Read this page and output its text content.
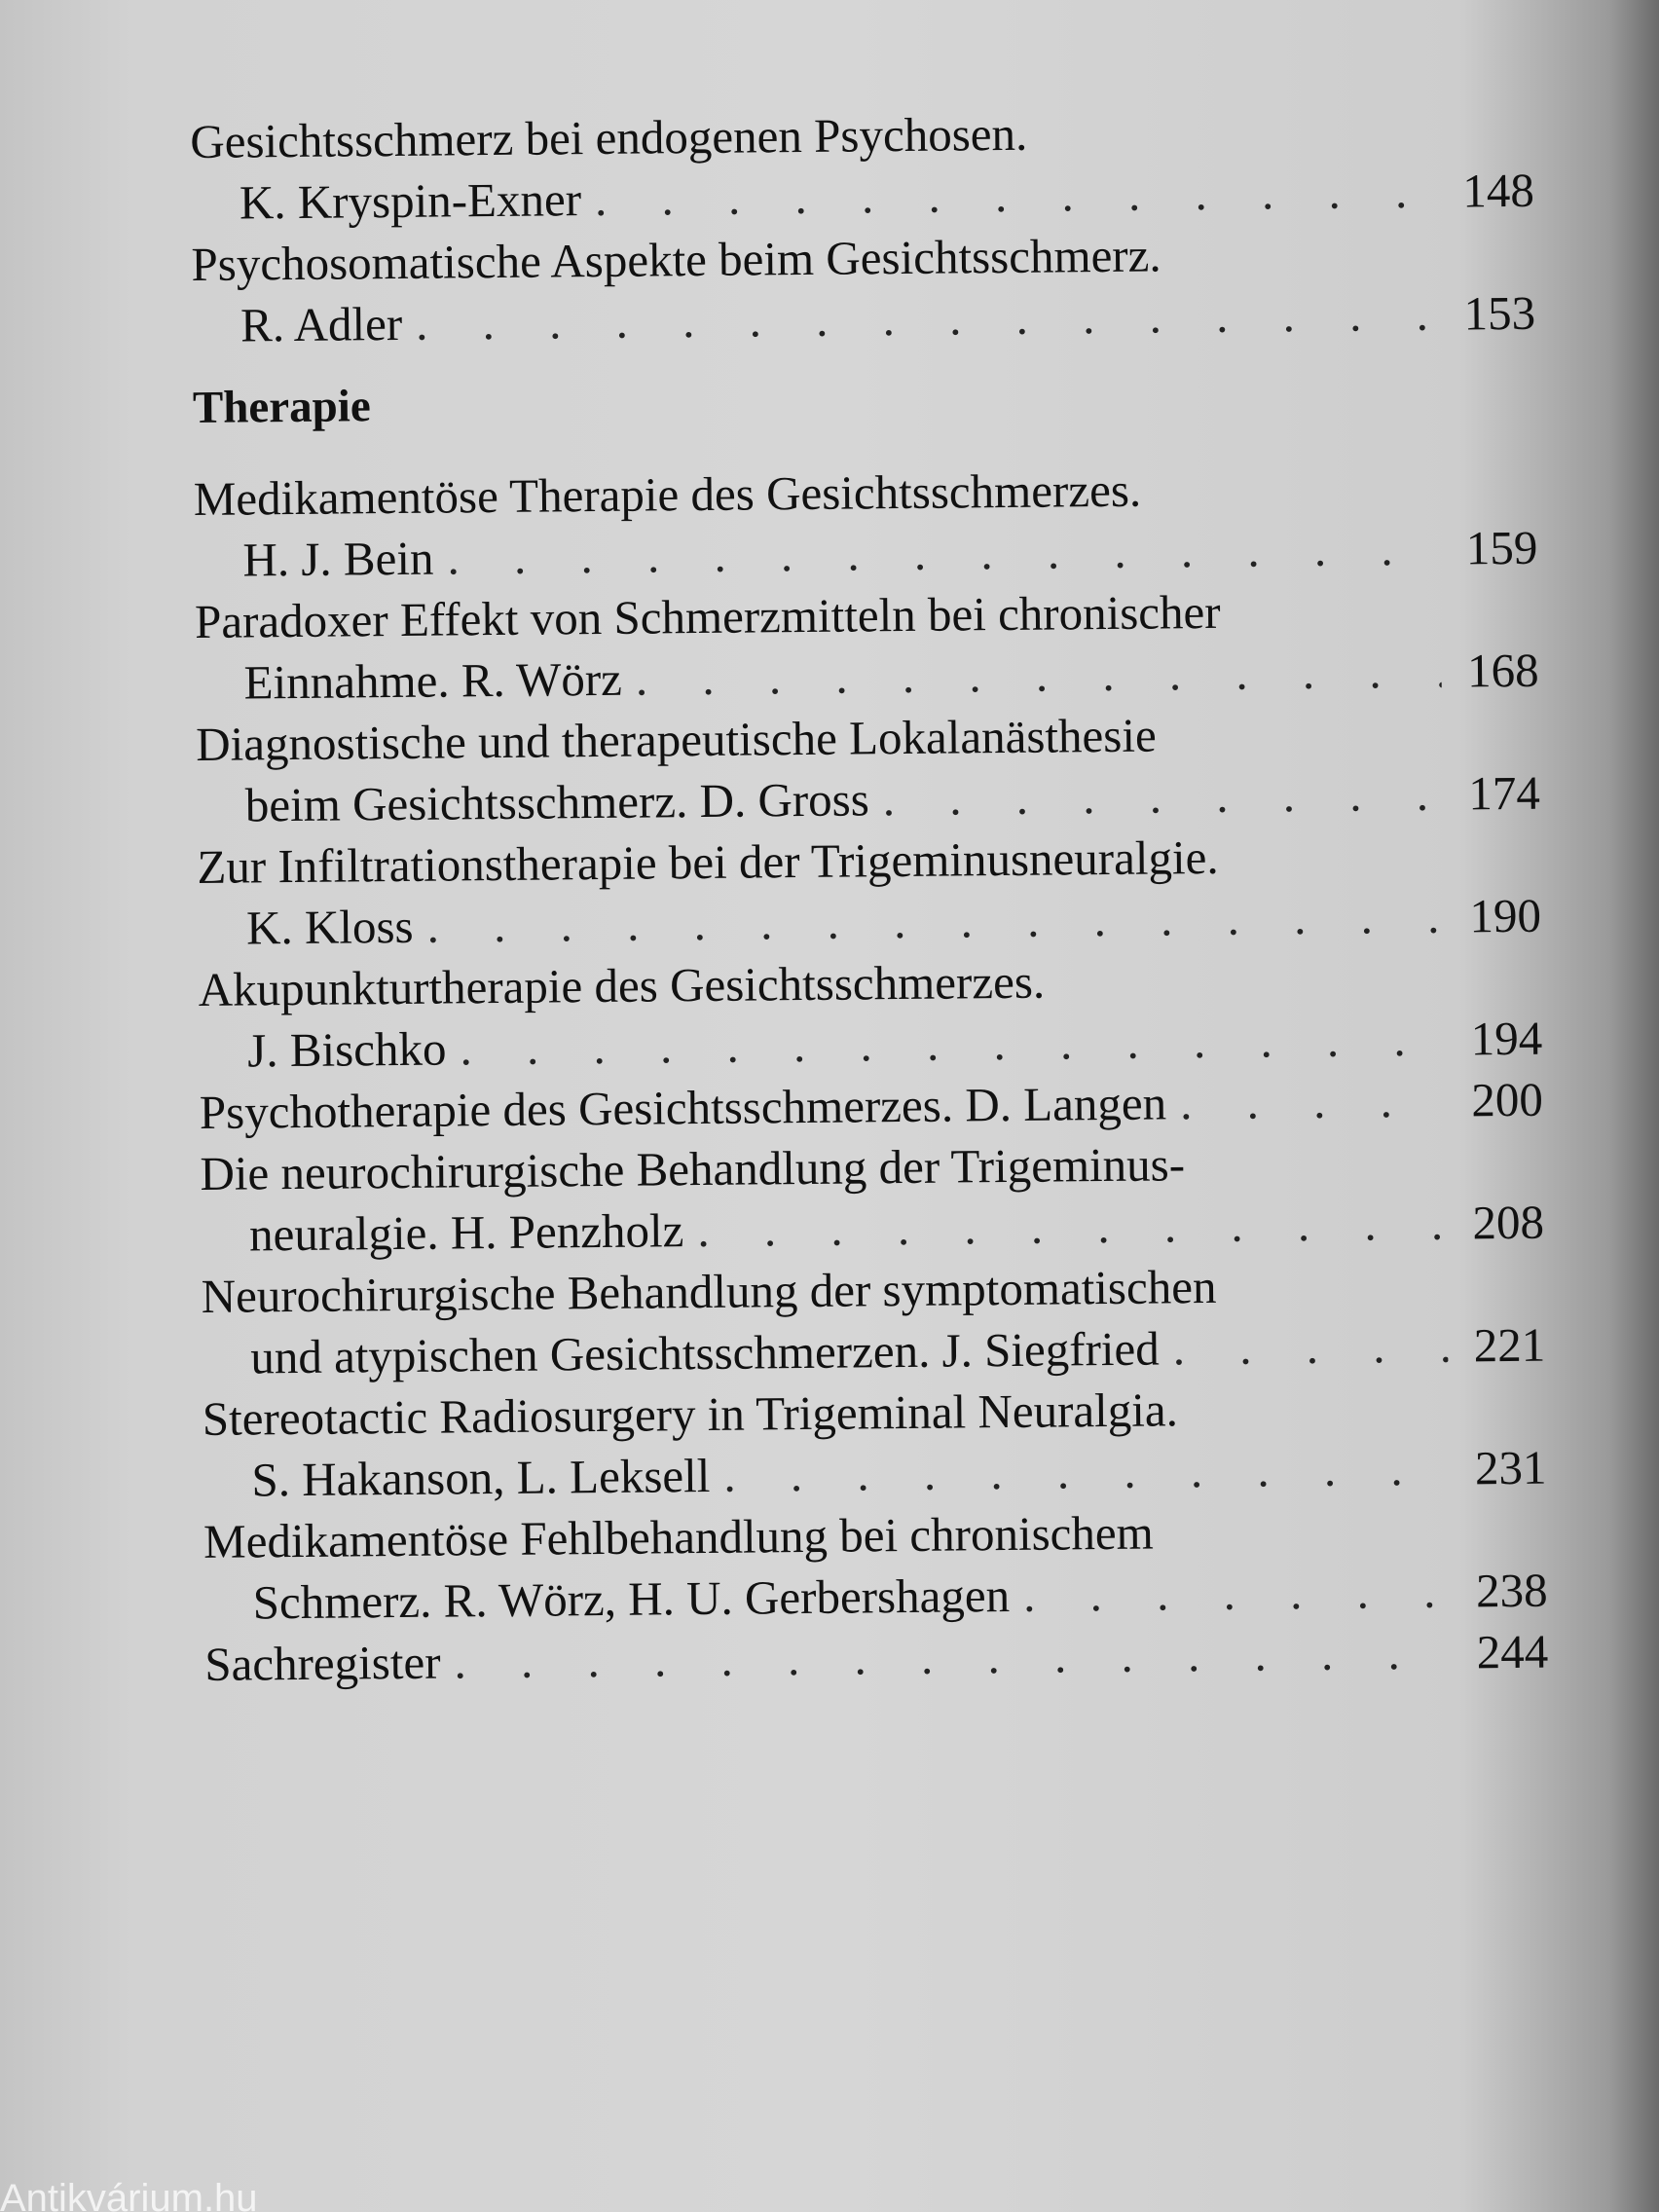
Gesichtsschmerz bei endogenen Psychosen.
K. Kryspin-Exner . . .	148
Psychosomatische Aspekte beim Gesichtsschmerz.
R. Adler . . .	153
Therapie
Medikamentöse Therapie des Gesichtsschmerzes.
H. J. Bein . . .	159
Paradoxer Effekt von Schmerzmitteln bei chronischer
Einnahme. R. Wörz . . .	168
Diagnostische und therapeutische Lokalanästhesie
beim Gesichtsschmerz. D. Gross . . .	174
Zur Infiltrationstherapie bei der Trigeminusneuralgie.
K. Kloss . . .	190
Akupunkturtherapie des Gesichtsschmerzes.
J. Bischko . . .	194
Psychotherapie des Gesichtsschmerzes. D. Langen . . .	200
Die neurochirurgische Behandlung der Trigeminus-
neuralgie. H. Penzholz . . .	208
Neurochirurgische Behandlung der symptomatischen
und atypischen Gesichtsschmerzen. J. Siegfried . . .	221
Stereotactic Radiosurgery in Trigeminal Neuralgia.
S. Hakanson, L. Leksell . . .	231
Medikamentöse Fehlbehandlung bei chronischem
Schmerz. R. Wörz, H. U. Gerbershagen . . .	238
Sachregister . . .	244
Antikvárium.hu
